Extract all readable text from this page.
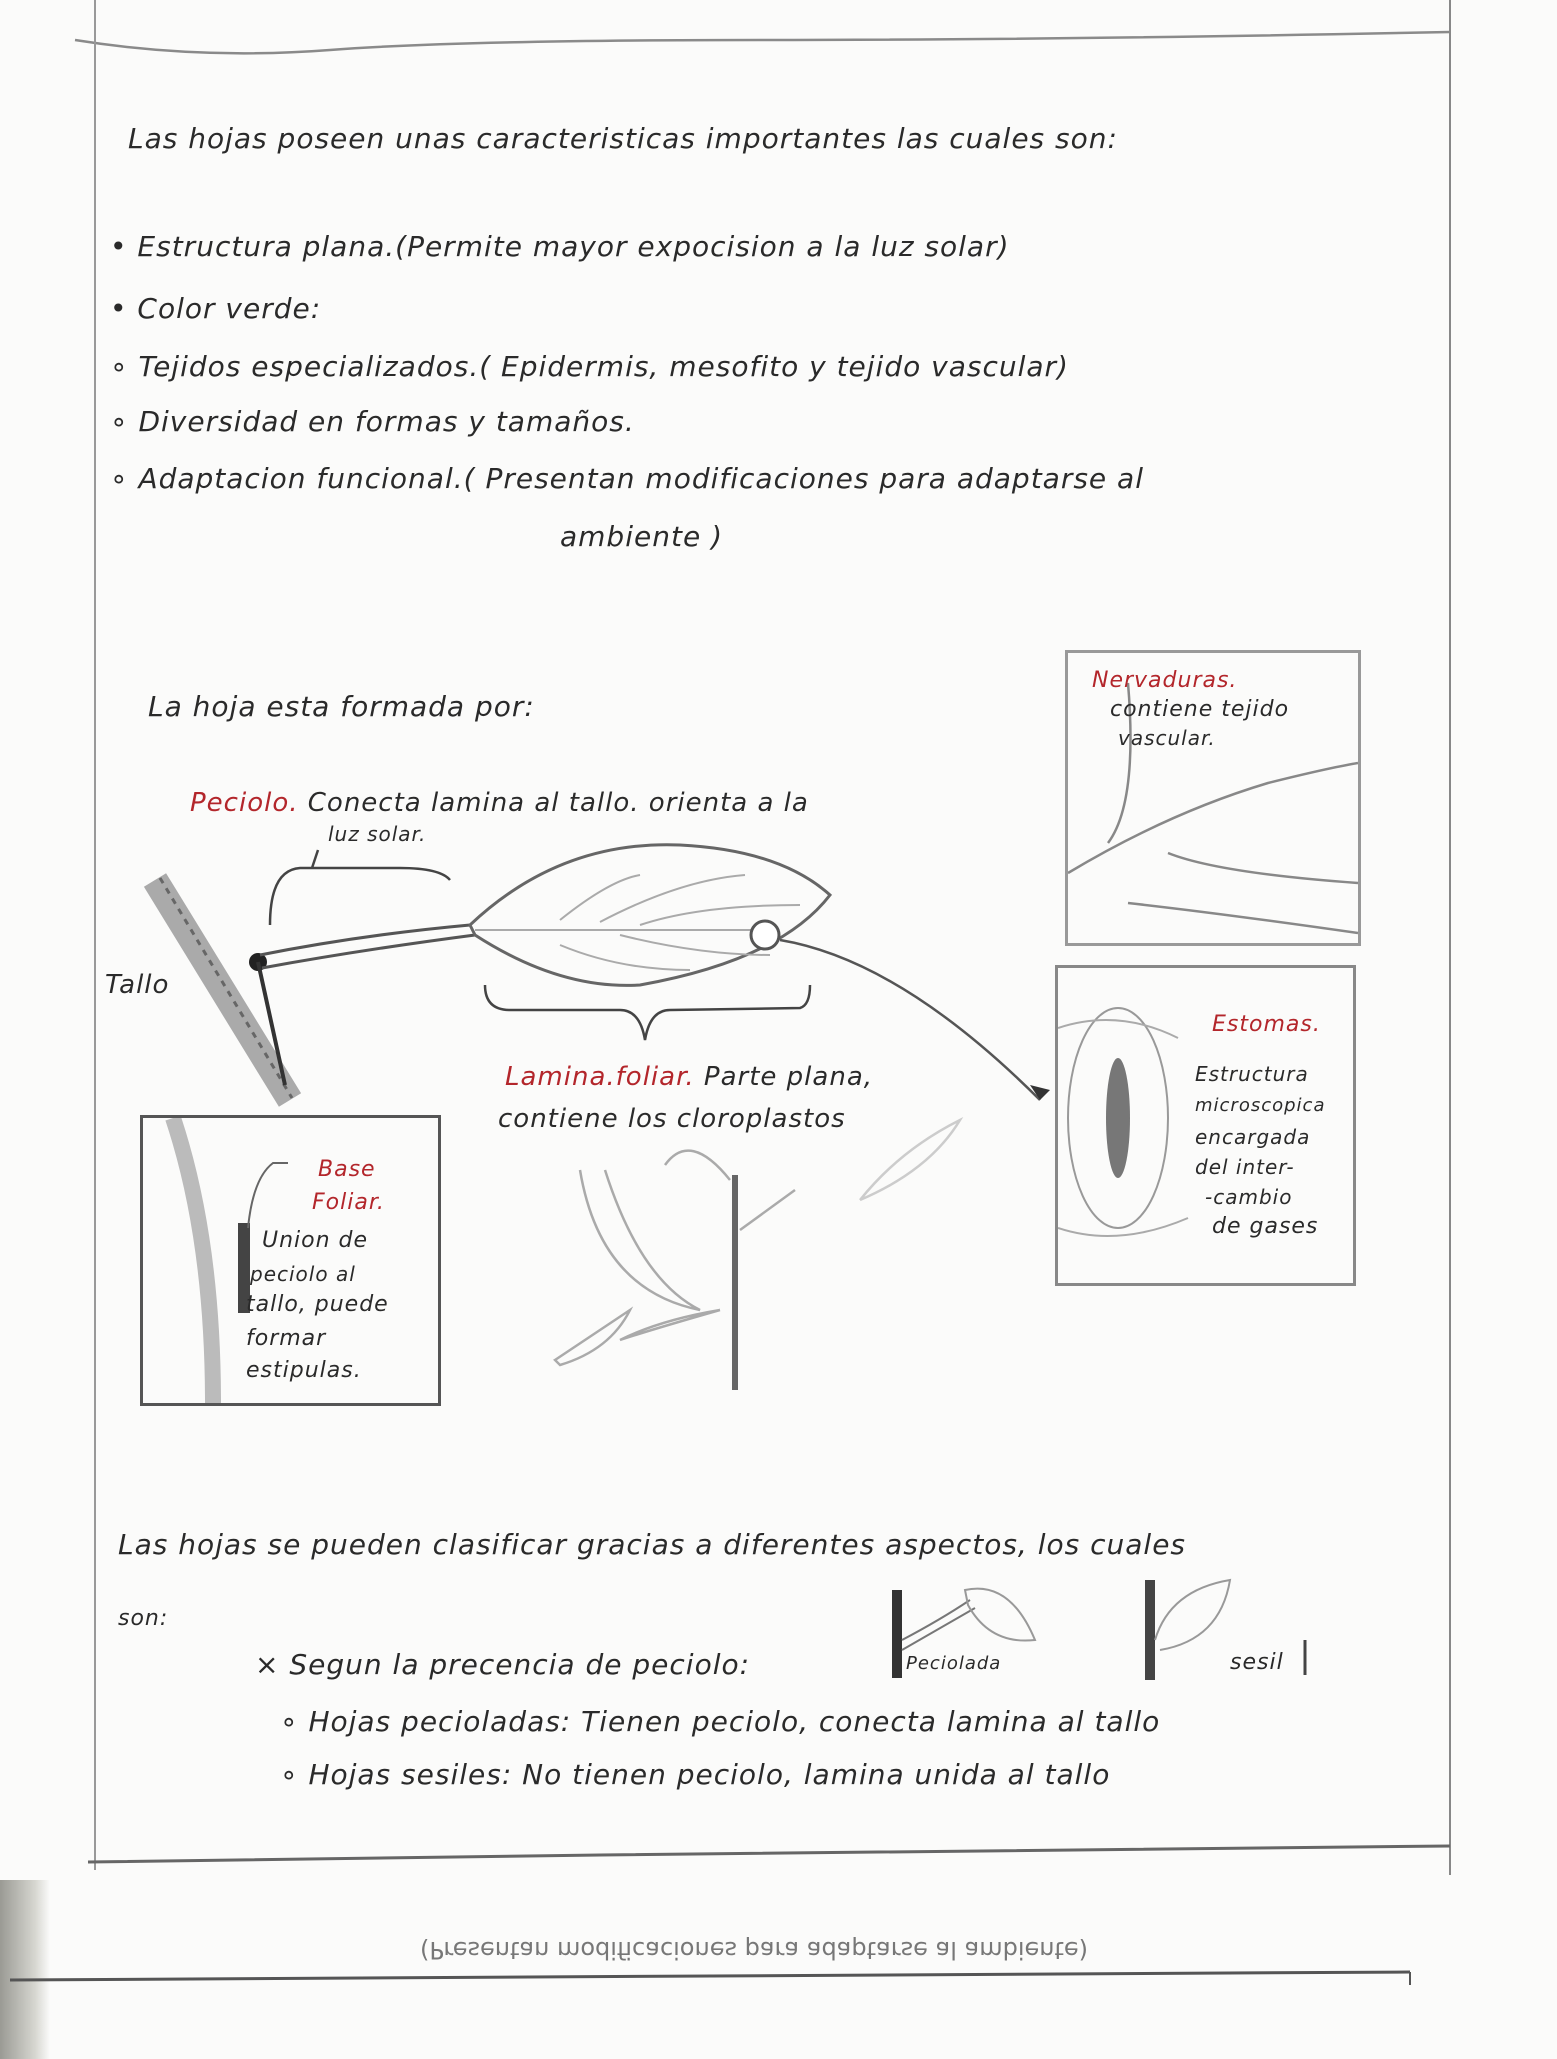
(Presentan modificaciones para adaptarse al ambiente)
Las hojas poseen unas caracteristicas importantes las cuales son:
• Estructura plana.(Permite mayor expocision a la luz solar)
• Color verde:
∘ Tejidos especializados.( Epidermis, mesofito y tejido vascular)
∘ Diversidad en formas y tamaños.
∘ Adaptacion funcional.( Presentan modificaciones para adaptarse al
ambiente )
La hoja esta formada por:
Peciolo. Conecta lamina al tallo. orienta a la
luz solar.
Tallo
Nervaduras.
contiene tejido
vascular.
Lamina.foliar. Parte plana,
contiene los cloroplastos
Estomas.
Estructura
microscopica
encargada
del inter-
-cambio
de gases
Base
Foliar.
Union de
peciolo al
tallo, puede
formar
estipulas.
Las hojas se pueden clasificar gracias a diferentes aspectos, los cuales
son:
× Segun la precencia de peciolo:	Peciolada	sesil
∘ Hojas pecioladas: Tienen peciolo, conecta lamina al tallo
∘ Hojas sesiles: No tienen peciolo, lamina unida al tallo
